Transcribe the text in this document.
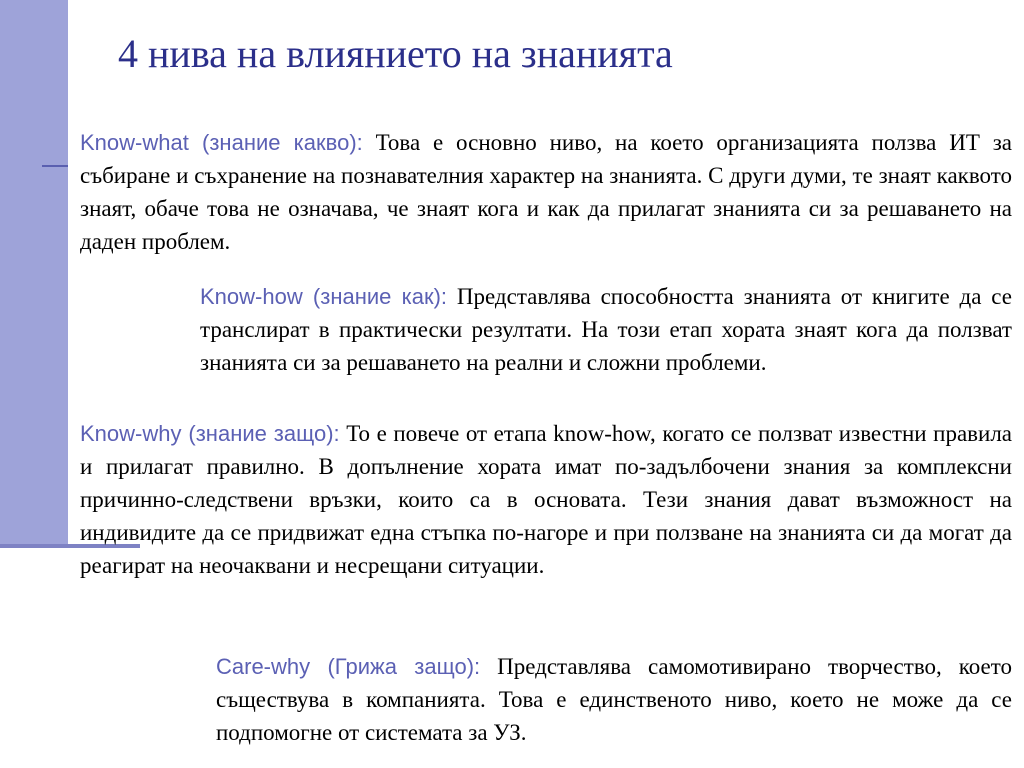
4 нива на влиянието на знанията

Know-what (знание какво): Това е основно ниво, на което организацията ползва ИТ за събиране и съхранение на познавателния характер на знанията. С други думи, те знаят каквото знаят, обаче това не означава, че знаят кога и как да прилагат знанията си за решаването на даден проблем.

Know-how (знание как): Представлява способността знанията от книгите да се транслират в практически резултати. На този етап хората знаят кога да ползват знанията си за решаването на реални и сложни проблеми.

Know-why (знание защо): То е повече от етапа know-how, когато се ползват известни правила и прилагат правилно. В допълнение хората имат по-задълбочени знания за комплексни причинно-следствени връзки, които са в основата. Тези знания дават възможност на индивидите да се придвижат една стъпка по-нагоре и при ползване на знанията си да могат да реагират на неочаквани и несрещани ситуации.

Care-why (Грижа защо): Представлява самомотивирано творчество, което съществува в компанията. Това е единственото ниво, което не може да се подпомогне от системата за УЗ.
